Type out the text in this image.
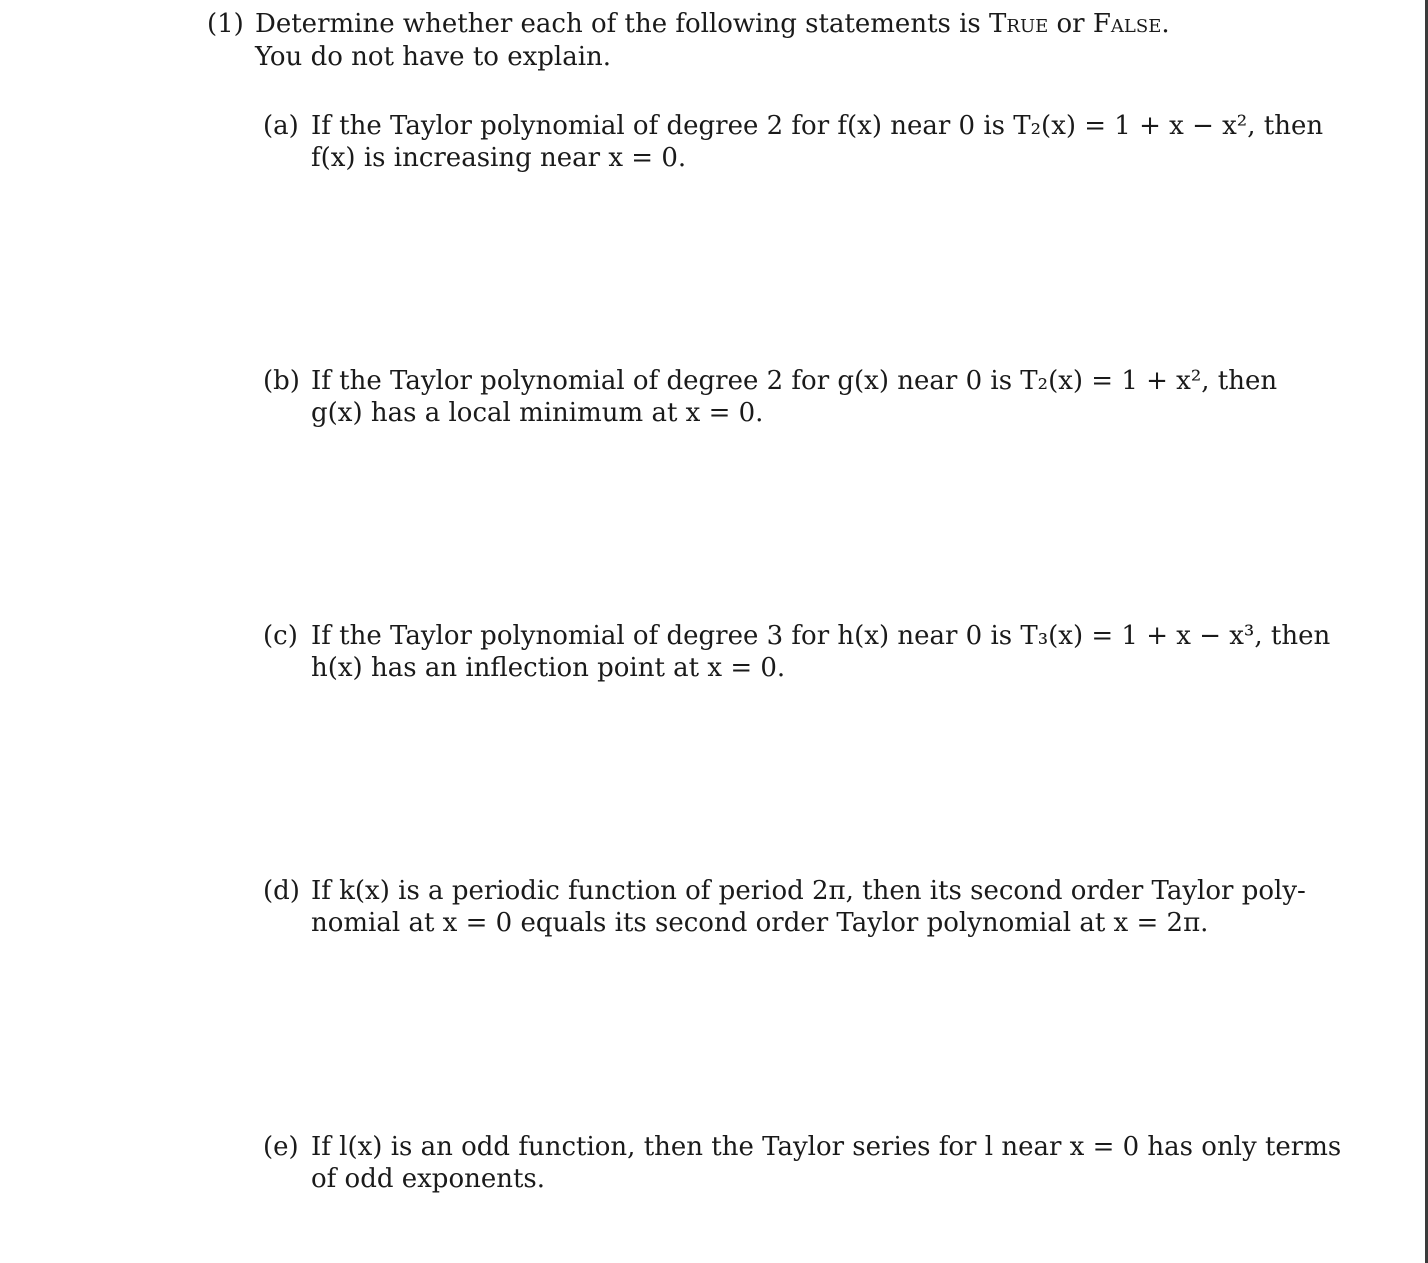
(1) Determine whether each of the following statements is True or False.
You do not have to explain.
(a) If the Taylor polynomial of degree 2 for f(x) near 0 is T₂(x) = 1 + x − x², then
f(x) is increasing near x = 0.
(b) If the Taylor polynomial of degree 2 for g(x) near 0 is T₂(x) = 1 + x², then
g(x) has a local minimum at x = 0.
(c) If the Taylor polynomial of degree 3 for h(x) near 0 is T₃(x) = 1 + x − x³, then
h(x) has an inflection point at x = 0.
(d) If k(x) is a periodic function of period 2π, then its second order Taylor poly-
nomial at x = 0 equals its second order Taylor polynomial at x = 2π.
(e) If l(x) is an odd function, then the Taylor series for l near x = 0 has only terms
of odd exponents.
